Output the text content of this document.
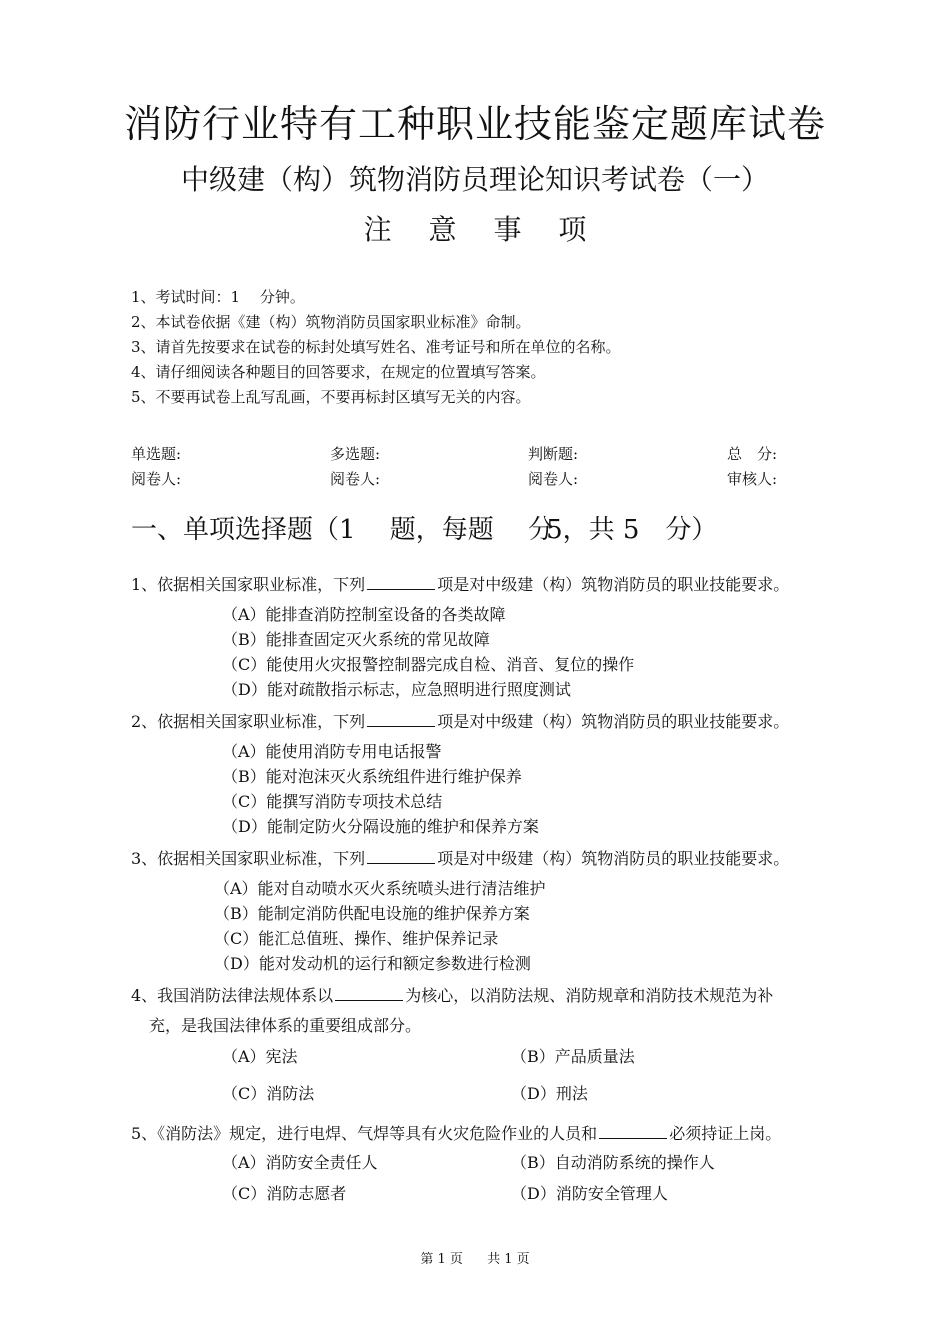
消防行业特有工种职业技能鉴定题库试卷
中级建（构）筑物消防员理论知识考试卷（一）
注 意 事 项
1、考试时间：1　 分钟。
2、本试卷依据《建（构）筑物消防员国家职业标准》命制。
3、请首先按要求在试卷的标封处填写姓名、准考证号和所在单位的名称。
4、请仔细阅读各种题目的回答要求，在规定的位置填写答案。
5、不要再试卷上乱写乱画，不要再标封区填写无关的内容。
单选题:	多选题:	判断题:	总　分:
阅卷人:	阅卷人:	阅卷人:	审核人:
一、单项选择题（1　 题，每题　 分5，共 5　分）
1、依据相关国家职业标准，下列	项是对中级建（构）筑物消防员的职业技能要求。
（A）能排查消防控制室设备的各类故障
（B）能排查固定灭火系统的常见故障
（C）能使用火灾报警控制器完成自检、消音、复位的操作
（D）能对疏散指示标志，应急照明进行照度测试
2、依据相关国家职业标准，下列	项是对中级建（构）筑物消防员的职业技能要求。
（A）能使用消防专用电话报警
（B）能对泡沫灭火系统组件进行维护保养
（C）能撰写消防专项技术总结
（D）能制定防火分隔设施的维护和保养方案
3、依据相关国家职业标准，下列	项是对中级建（构）筑物消防员的职业技能要求。
（A）能对自动喷水灭火系统喷头进行清洁维护
（B）能制定消防供配电设施的维护保养方案
（C）能汇总值班、操作、维护保养记录
（D）能对发动机的运行和额定参数进行检测
4、我国消防法律法规体系以	为核心，以消防法规、消防规章和消防技术规范为补
充，是我国法律体系的重要组成部分。
（A）宪法	（B）产品质量法
（C）消防法	（D）刑法
5、《消防法》规定，进行电焊、气焊等具有火灾危险作业的人员和	必须持证上岗。
（A）消防安全责任人	（B）自动消防系统的操作人
（C）消防志愿者	（D）消防安全管理人
第 1 页 共 1 页
